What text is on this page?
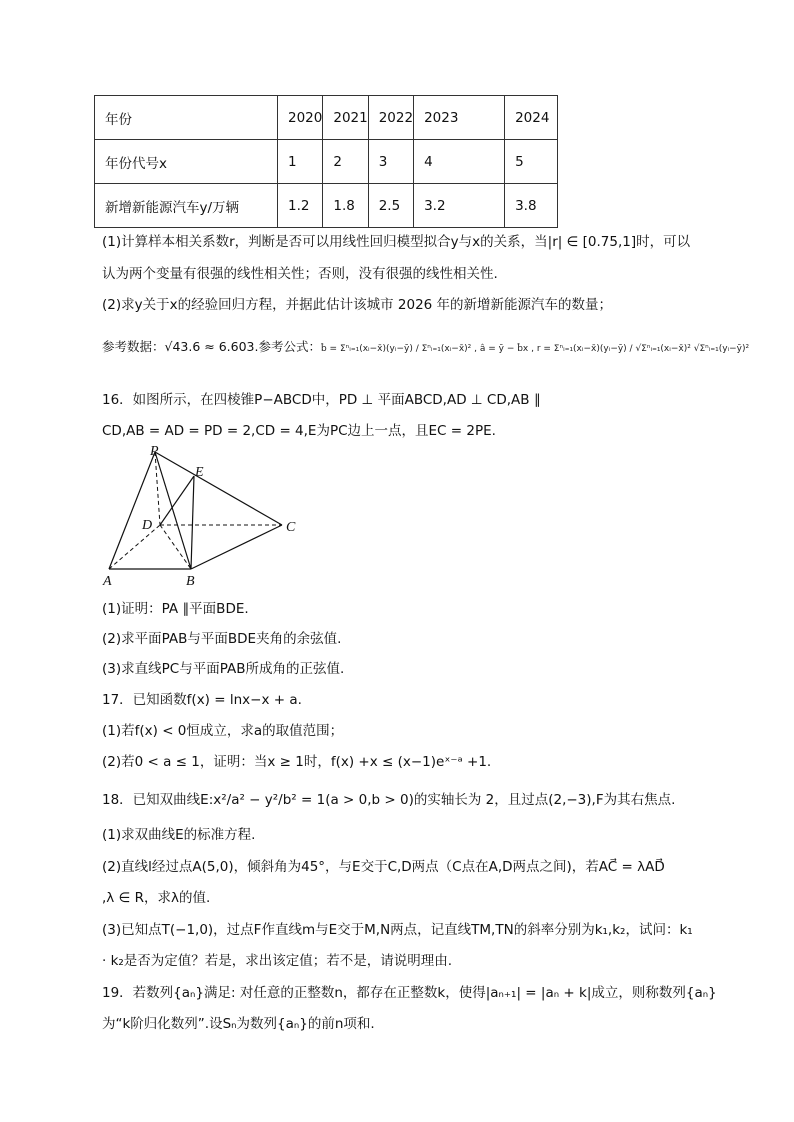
年份	2020	2021	2022	2023	2024
年份代号x	1	2	3	4	5
新增新能源汽车y/万辆	1.2	1.8	2.5	3.2	3.8
(1)计算样本相关系数r，判断是否可以用线性回归模型拟合y与x的关系，当|r| ∈ [0.75,1]时，可以
认为两个变量有很强的线性相关性；否则，没有很强的线性相关性.
(2)求y关于x的经验回归方程，并据此估计该城市 2026 年的新增新能源汽车的数量；
参考数据：√43.6 ≈ 6.603.参考公式：b̂ = Σⁿᵢ₌₁(xᵢ−x̄)(yᵢ−ȳ) / Σⁿᵢ₌₁(xᵢ−x̄)² , â = ȳ − b̂x , r = Σⁿᵢ₌₁(xᵢ−x̄)(yᵢ−ȳ) / √Σⁿᵢ₌₁(xᵢ−x̄)² √Σⁿᵢ₌₁(yᵢ−ȳ)²
16．如图所示，在四棱锥P−ABCD中，PD ⊥ 平面ABCD,AD ⊥ CD,AB ∥
CD,AB = AD = PD = 2,CD = 4,E为PC边上一点，且EC = 2PE.
P
E
D	C
A	B
(1)证明：PA ∥平面BDE.
(2)求平面PAB与平面BDE夹角的余弦值.
(3)求直线PC与平面PAB所成角的正弦值.
17．已知函数f(x) = lnx−x + a.
(1)若f(x) < 0恒成立，求a的取值范围；
(2)若0 < a ≤ 1，证明：当x ≥ 1时，f(x) +x ≤ (x−1)eˣ⁻ᵃ +1.
18．已知双曲线E:x²/a² − y²/b² = 1(a > 0,b > 0)的实轴长为 2，且过点(2,−3),F为其右焦点.
(1)求双曲线E的标准方程.
(2)直线l经过点A(5,0)，倾斜角为45°，与E交于C,D两点（C点在A,D两点之间)，若AC⃗ = λAD⃗
,λ ∈ R，求λ的值.
(3)已知点T(−1,0)，过点F作直线m与E交于M,N两点，记直线TM,TN的斜率分别为k₁,k₂，试问：k₁
· k₂是否为定值？若是，求出该定值；若不是，请说明理由.
19．若数列{aₙ}满足: 对任意的正整数n，都存在正整数k，使得|aₙ₊₁| = |aₙ + k|成立，则称数列{aₙ}
为“k阶归化数列”.设Sₙ为数列{aₙ}的前n项和.
